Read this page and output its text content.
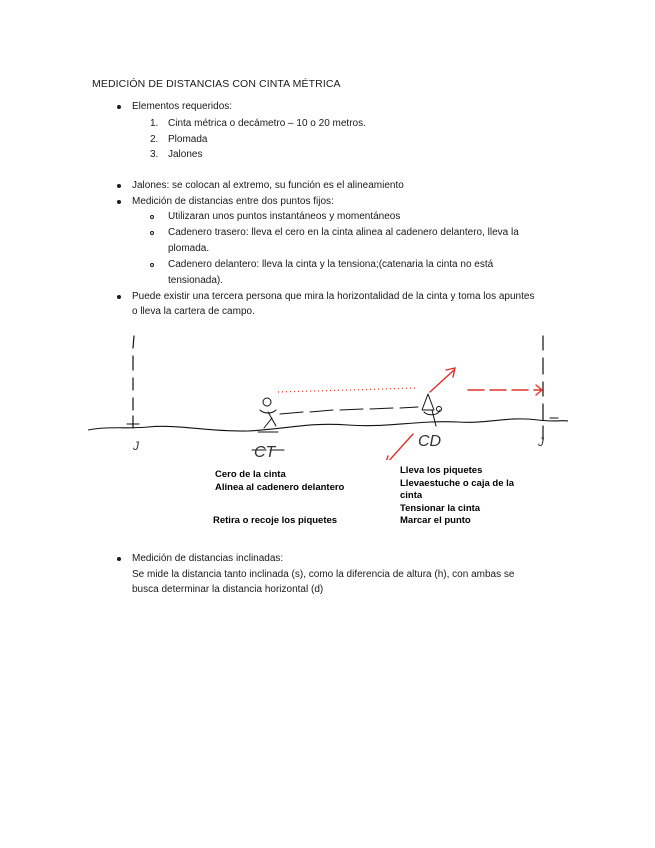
MEDICIÓN DE DISTANCIAS CON CINTA MÉTRICA
Elementos requeridos:
1. Cinta métrica o decámetro – 10 o 20 metros.
2. Plomada
3. Jalones
Jalones: se colocan al extremo, su función es el alineamiento
Medición de distancias entre dos puntos fijos:
Utilizaran unos puntos instantáneos y momentáneos
Cadenero trasero: lleva el cero en la cinta alinea al cadenero delantero, lleva la
plomada.
Cadenero delantero: lleva la cinta y la tensiona;(catenaria la cinta no está
tensionada).
Puede existir una tercera persona que mira la horizontalidad de la cinta y toma los apuntes
o lleva la cartera de campo.
J	J
CT
CD
Cero de la cinta
Alinea al cadenero delantero
Retira o recoje los piquetes
Lleva los piquetes
Llevaestuche o caja de la
cinta
Tensionar la cinta
Marcar el punto
Medición de distancias inclinadas:
Se mide la distancia tanto inclinada (s), como la diferencia de altura (h), con ambas se
busca determinar la distancia horizontal (d)
